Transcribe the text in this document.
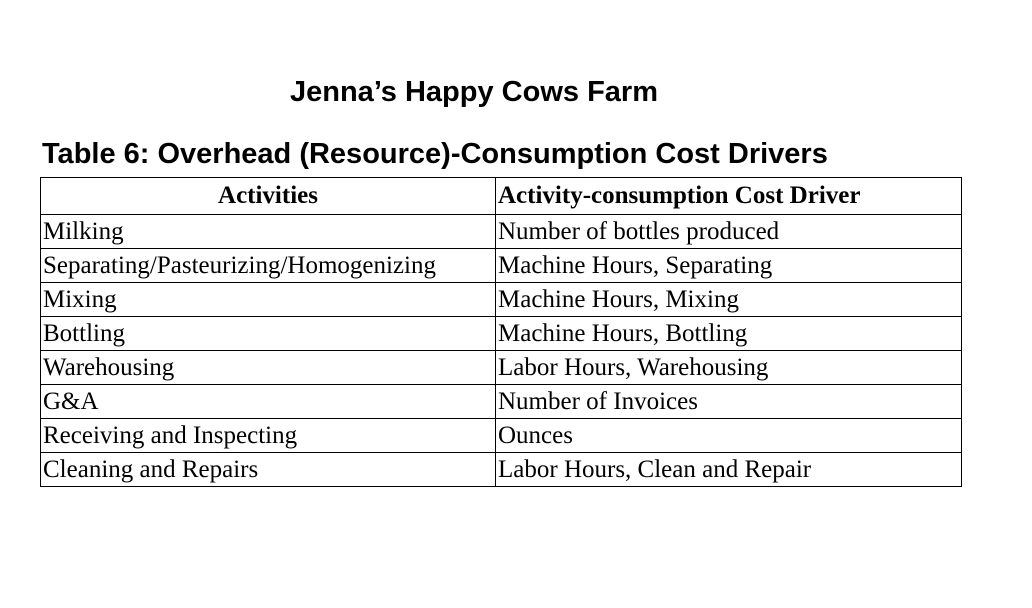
Jenna’s Happy Cows Farm
Table 6: Overhead (Resource)-Consumption Cost Drivers
Activities	Activity-consumption Cost Driver
Milking	Number of bottles produced
Separating/Pasteurizing/Homogenizing	Machine Hours, Separating
Mixing	Machine Hours, Mixing
Bottling	Machine Hours, Bottling
Warehousing	Labor Hours, Warehousing
G&A	Number of Invoices
Receiving and Inspecting	Ounces
Cleaning and Repairs	Labor Hours, Clean and Repair
